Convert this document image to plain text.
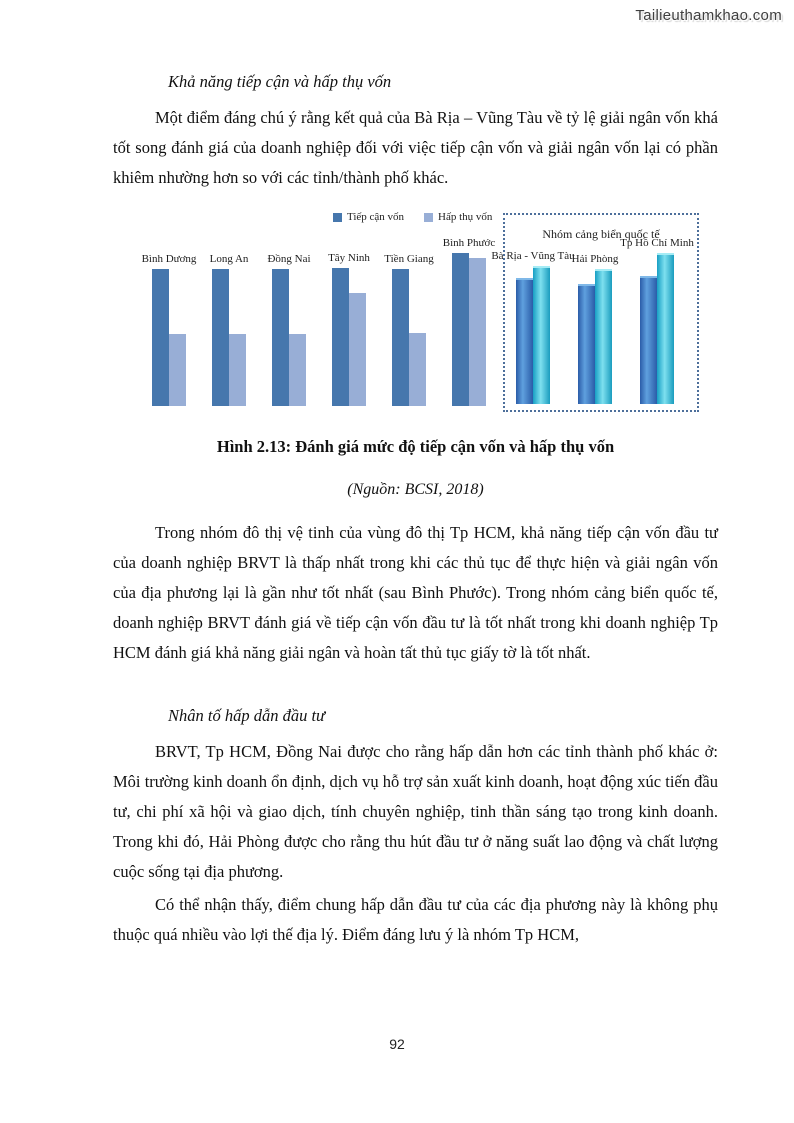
Tailieuthamkhao.com
Khả năng tiếp cận và hấp thụ vốn

Một điểm đáng chú ý rằng kết quả của Bà Rịa – Vũng Tàu về tỷ lệ giải ngân vốn khá tốt song đánh giá của doanh nghiệp đối với việc tiếp cận vốn và giải ngân vốn lại có phần khiêm nhường hơn so với các tỉnh/thành phố khác.

Tiếp cận vốn	Hấp thụ vốn
Bình Dương Long An Đồng Nai Tây Ninh Tiền Giang
Bình Phước
Nhóm cảng biển quốc tế
Bà Rịa - Vũng Tàu
Hải Phòng
Tp Hồ Chí Minh
Hình 2.13: Đánh giá mức độ tiếp cận vốn và hấp thụ vốn
(Nguồn: BCSI, 2018)

Trong nhóm đô thị vệ tinh của vùng đô thị Tp HCM, khả năng tiếp cận vốn đầu tư của doanh nghiệp BRVT là thấp nhất trong khi các thủ tục để thực hiện và giải ngân vốn của địa phương lại là gần như tốt nhất (sau Bình Phước). Trong nhóm cảng biển quốc tế, doanh nghiệp BRVT đánh giá về tiếp cận vốn đầu tư là tốt nhất trong khi doanh nghiệp Tp HCM đánh giá khả năng giải ngân và hoàn tất thủ tục giấy tờ là tốt nhất.

Nhân tố hấp dẫn đầu tư

BRVT, Tp HCM, Đồng Nai được cho rằng hấp dẫn hơn các tỉnh thành phố khác ở: Môi trường kinh doanh ổn định, dịch vụ hỗ trợ sản xuất kinh doanh, hoạt động xúc tiến đầu tư, chi phí xã hội và giao dịch, tính chuyên nghiệp, tinh thần sáng tạo trong kinh doanh. Trong khi đó, Hải Phòng được cho rằng thu hút đầu tư ở năng suất lao động và chất lượng cuộc sống tại địa phương.

Có thể nhận thấy, điểm chung hấp dẫn đầu tư của các địa phương này là không phụ thuộc quá nhiều vào lợi thế địa lý. Điểm đáng lưu ý là nhóm Tp HCM,

92
